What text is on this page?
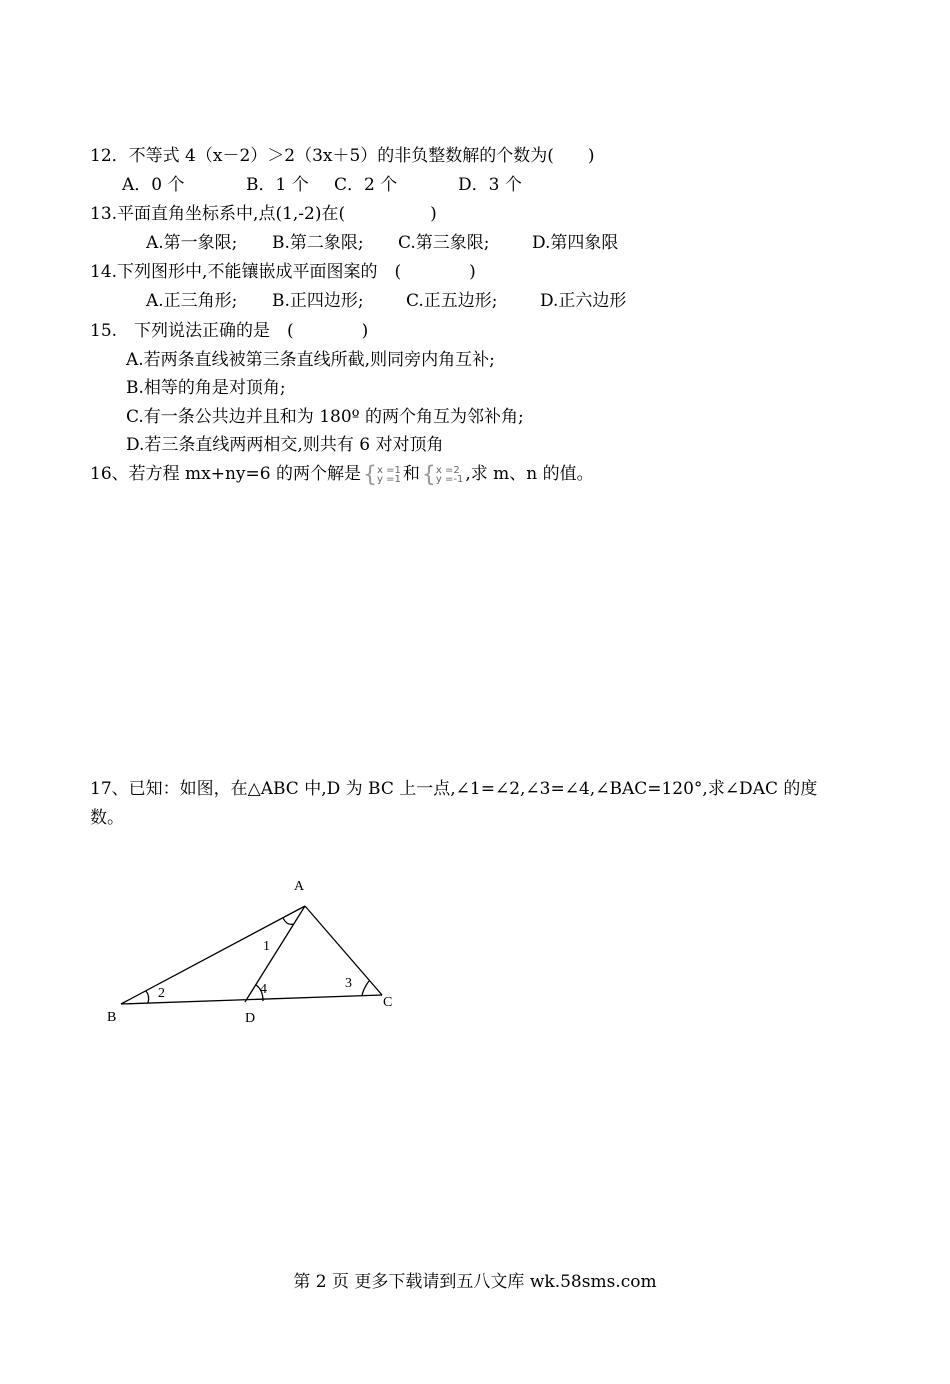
12．不等式 4（x－2）＞2（3x＋5）的非负整数解的个数为(　　)
A．0 个	B．1 个 C．2 个	D．3 个
13.平面直角坐标系中,点(1,-2)在(　　　　　)
A.第一象限; B.第二象限; C.第三象限; D.第四象限
14.下列图形中,不能镶嵌成平面图案的　(　　　　)
A.正三角形; B.正四边形; C.正五边形; D.正六边形
15.　下列说法正确的是　(　　　　)
A.若两条直线被第三条直线所截,则同旁内角互补;
B.相等的角是对顶角;
C.有一条公共边并且和为 180º 的两个角互为邻补角;
D.若三条直线两两相交,则共有 6 对对顶角
16、若方程 mx+ny=6 的两个解是{ x =1
y =1 和{ x =2
y =-1 ,求 m、n 的值。
17、已知：如图，在△ABC 中,D 为 BC 上一点,∠1=∠2,∠3=∠4,∠BAC=120°,求∠DAC 的度
数。
A
B
C
D
1
2
3
4
第 2 页 更多下载请到五八文库 wk.58sms.com
